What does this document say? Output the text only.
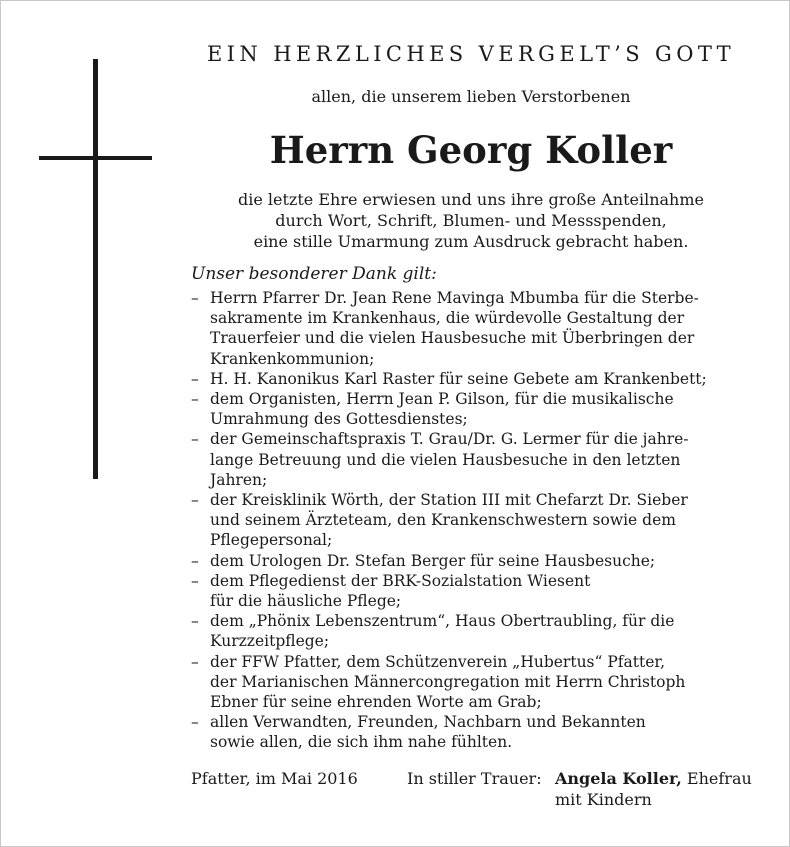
EIN HERZLICHES VERGELT’S GOTT
allen, die unserem lieben Verstorbenen
Herrn Georg Koller
die letzte Ehre erwiesen und uns ihre große Anteilnahme
durch Wort, Schrift, Blumen- und Messspenden,
eine stille Umarmung zum Ausdruck gebracht haben.
Unser besonderer Dank gilt:
– Herrn Pfarrer Dr. Jean Rene Mavinga Mbumba für die Sterbe-
sakramente im Krankenhaus, die würdevolle Gestaltung der
Trauerfeier und die vielen Hausbesuche mit Überbringen der
Krankenkommunion;
– H. H. Kanonikus Karl Raster für seine Gebete am Krankenbett;
– dem Organisten, Herrn Jean P. Gilson, für die musikalische
Umrahmung des Gottesdienstes;
– der Gemeinschaftspraxis T. Grau/Dr. G. Lermer für die jahre-
lange Betreuung und die vielen Hausbesuche in den letzten
Jahren;
– der Kreisklinik Wörth, der Station III mit Chefarzt Dr. Sieber
und seinem Ärzteteam, den Krankenschwestern sowie dem
Pflegepersonal;
– dem Urologen Dr. Stefan Berger für seine Hausbesuche;
– dem Pflegedienst der BRK-Sozialstation Wiesent
für die häusliche Pflege;
– dem „Phönix Lebenszentrum“, Haus Obertraubling, für die
Kurzzeitpflege;
– der FFW Pfatter, dem Schützenverein „Hubertus“ Pfatter,
der Marianischen Männercongregation mit Herrn Christoph
Ebner für seine ehrenden Worte am Grab;
– allen Verwandten, Freunden, Nachbarn und Bekannten
sowie allen, die sich ihm nahe fühlten.
Pfatter, im Mai 2016	In stiller Trauer: Angela Koller, Ehefrau
mit Kindern
